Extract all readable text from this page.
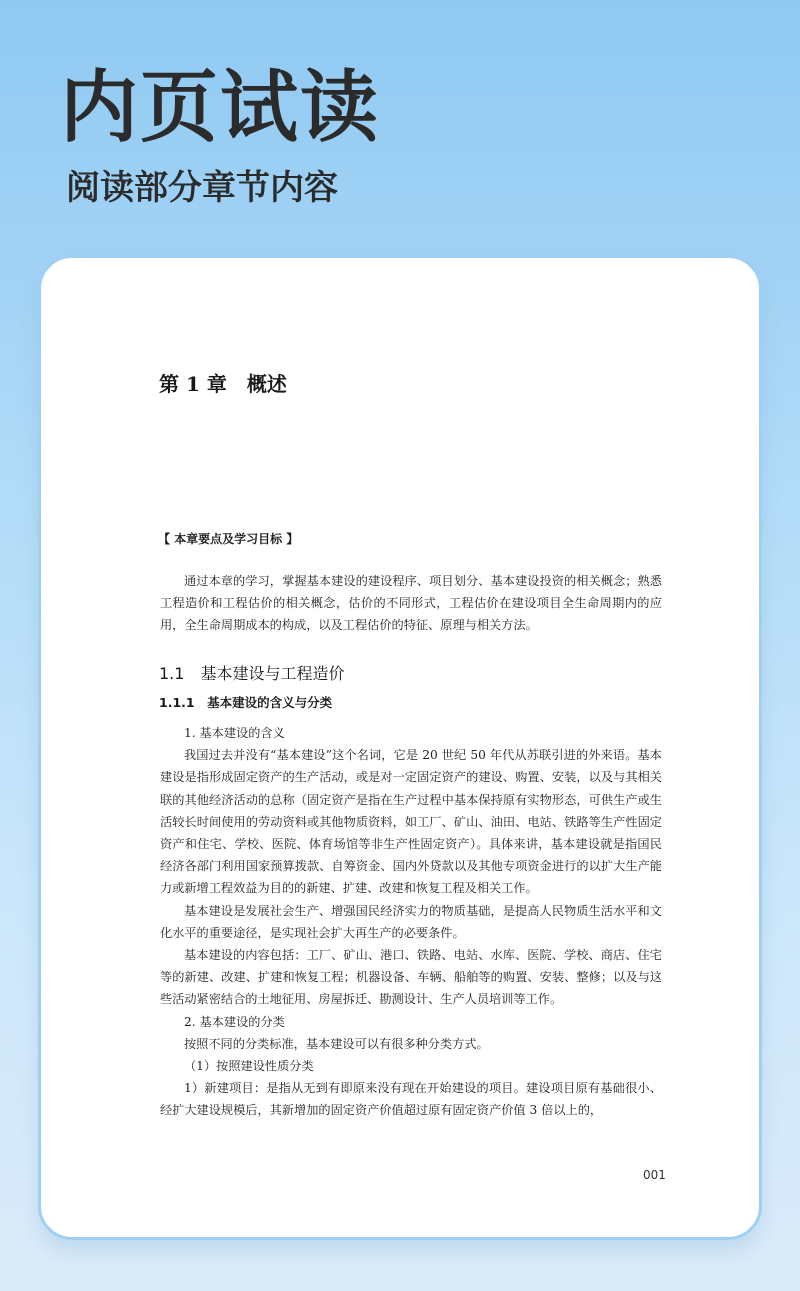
内页试读
阅读部分章节内容
第 1 章　概述
【 本章要点及学习目标 】

通过本章的学习，掌握基本建设的建设程序、项目划分、基本建设投资的相关概念；熟悉工程造价和工程估价的相关概念，估价的不同形式，工程估价在建设项目全生命周期内的应用，全生命周期成本的构成，以及工程估价的特征、原理与相关方法。

1.1　基本建设与工程造价
1.1.1　基本建设的含义与分类

1. 基本建设的含义

我国过去并没有“基本建设”这个名词，它是 20 世纪 50 年代从苏联引进的外来语。基本建设是指形成固定资产的生产活动，或是对一定固定资产的建设、购置、安装，以及与其相关联的其他经济活动的总称（固定资产是指在生产过程中基本保持原有实物形态，可供生产或生活较长时间使用的劳动资料或其他物质资料，如工厂、矿山、油田、电站、铁路等生产性固定资产和住宅、学校、医院、体育场馆等非生产性固定资产）。具体来讲，基本建设就是指国民经济各部门利用国家预算拨款、自筹资金、国内外贷款以及其他专项资金进行的以扩大生产能力或新增工程效益为目的的新建、扩建、改建和恢复工程及相关工作。

基本建设是发展社会生产、增强国民经济实力的物质基础，是提高人民物质生活水平和文化水平的重要途径，是实现社会扩大再生产的必要条件。

基本建设的内容包括：工厂、矿山、港口、铁路、电站、水库、医院、学校、商店、住宅等的新建、改建、扩建和恢复工程；机器设备、车辆、船舶等的购置、安装、整修；以及与这些活动紧密结合的土地征用、房屋拆迁、勘测设计、生产人员培训等工作。

2. 基本建设的分类

按照不同的分类标准，基本建设可以有很多种分类方式。

（1）按照建设性质分类

1）新建项目：是指从无到有即原来没有现在开始建设的项目。建设项目原有基础很小、经扩大建设规模后，其新增加的固定资产价值超过原有固定资产价值 3 倍以上的，

001
